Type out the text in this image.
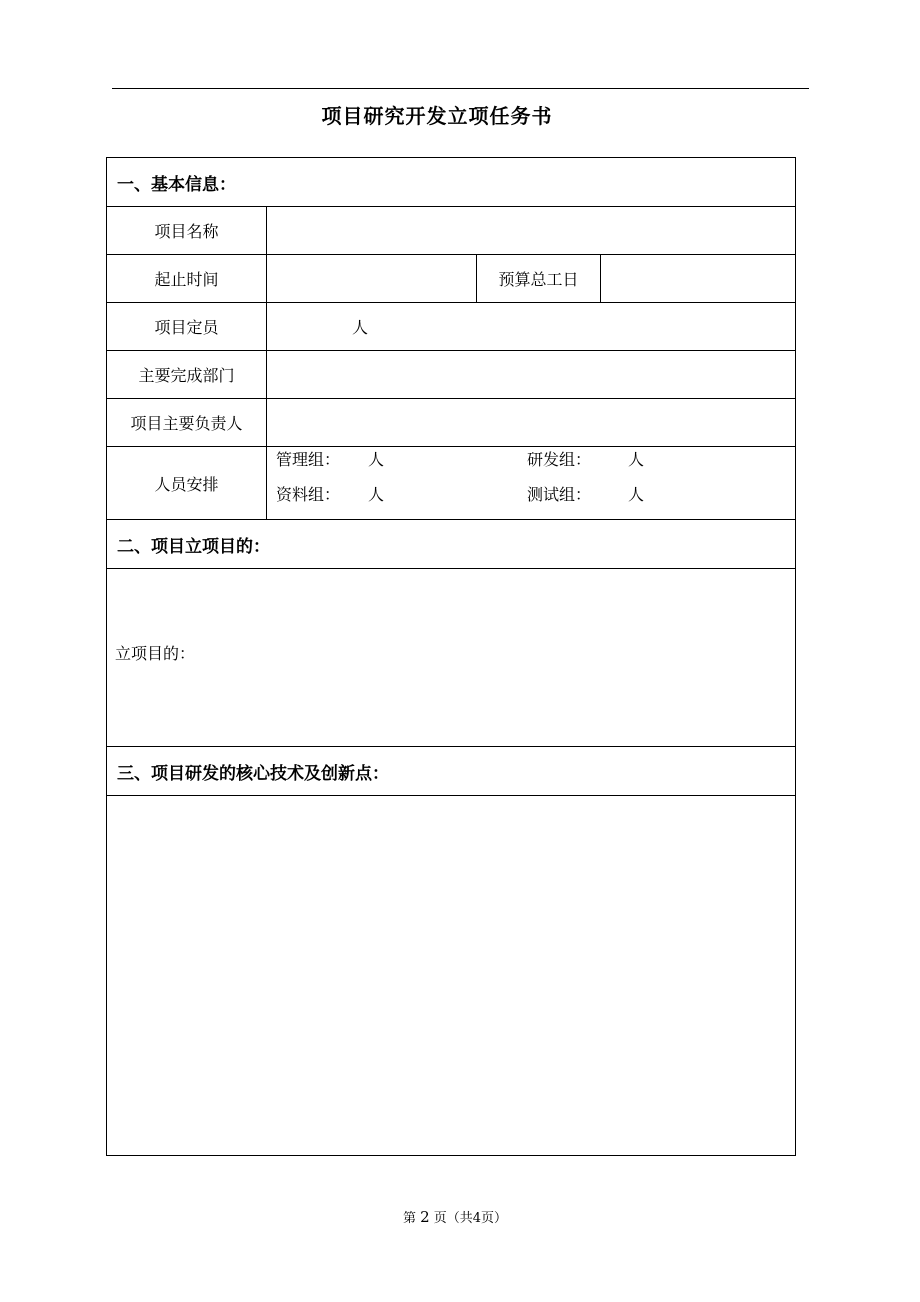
项目研究开发立项任务书
一、基本信息：
项目名称
起止时间	预算总工日
项目定员	人
主要完成部门
项目主要负责人
人员安排
管理组： 人	研发组： 人
资料组： 人	测试组： 人
二、项目立项目的：
立项目的：
三、项目研发的核心技术及创新点：
第 2 页（共4页）
